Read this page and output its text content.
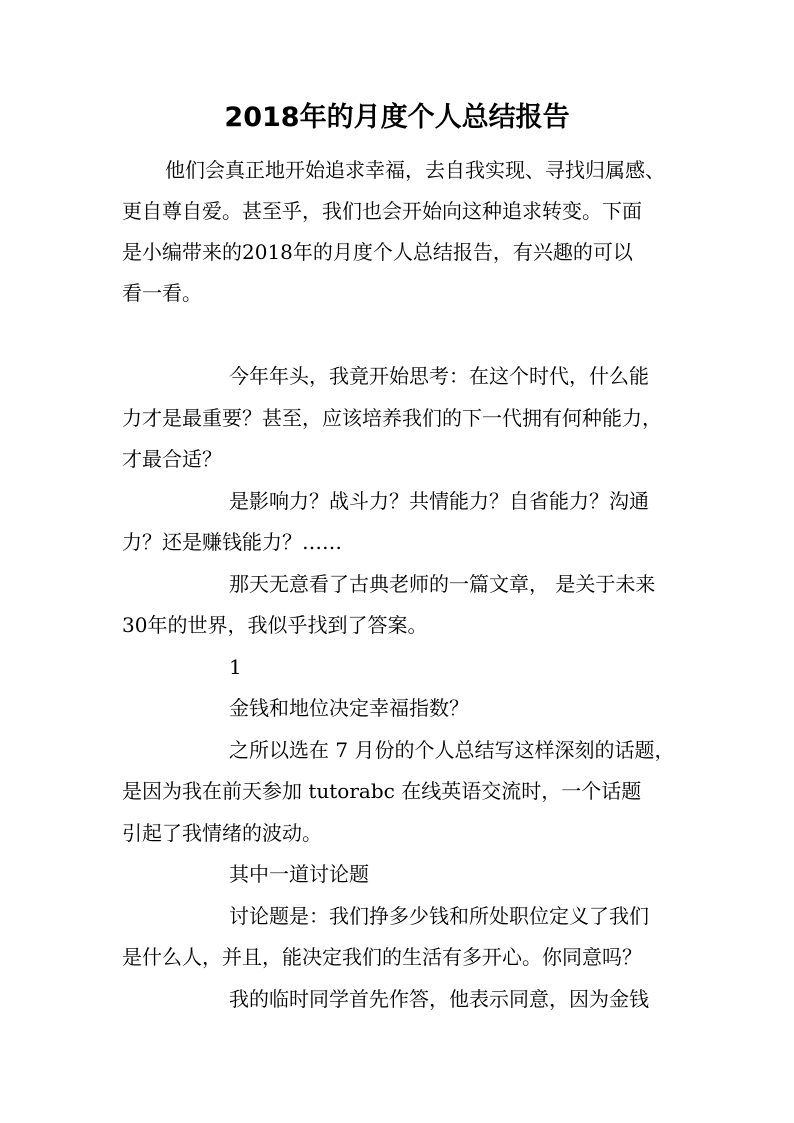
2018年的月度个人总结报告
他们会真正地开始追求幸福，去自我实现、寻找归属感、
更自尊自爱。甚至乎，我们也会开始向这种追求转变。下面
是小编带来的2018年的月度个人总结报告，有兴趣的可以
看一看。
今年年头，我竟开始思考：在这个时代，什么能
力才是最重要？甚至，应该培养我们的下一代拥有何种能力，
才最合适？
是影响力？战斗力？共情能力？自省能力？沟通
力？还是赚钱能力？……
那天无意看了古典老师的一篇文章， 是关于未来
30年的世界，我似乎找到了答案。
1
金钱和地位决定幸福指数？
之所以选在 7 月份的个人总结写这样深刻的话题，
是因为我在前天参加 tutorabc 在线英语交流时，一个话题
引起了我情绪的波动。
其中一道讨论题
讨论题是：我们挣多少钱和所处职位定义了我们
是什么人，并且，能决定我们的生活有多开心。你同意吗？
我的临时同学首先作答，他表示同意，因为金钱
